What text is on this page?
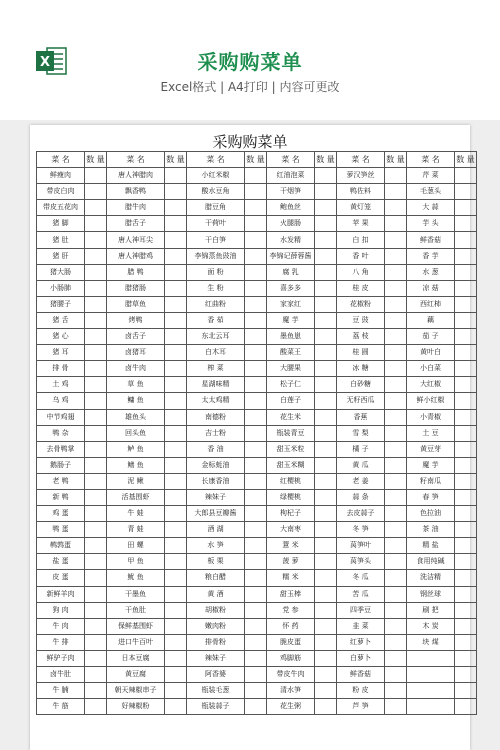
X	采购购菜单
Excel格式 | A4打印 | 内容可更改
采购购菜单
菜 名	数 量	菜 名	数 量	菜 名	数 量	菜 名	数 量	菜 名	数 量	菜 名	数 量
鲜瘦肉		唐人神腊肉		小红米椒		红油泡菜		萝汉笋丝		芹 菜	
带皮白肉		飘香鸭		酸水豆角		干烟笋		鸭佐料		毛葱头	
带皮五花肉		腊牛肉		腊豆角		鲍鱼丝		黄灯笼		大 蒜	
猪 脚		腊舌子		干荷叶		火腿肠		苹 果		芋 头	
猪 肚		唐人神耳尖		干白笋		水发精		白 扣		鲜香菇	
猪 肝		唐人神腊鸡		李锦蒸鱼豉油		李锦记薛蓉酱		香 叶		香 芋	
猪大肠		腊 鸭		面 粉		腐 乳		八 角		水 葱	
小肠肺		腊猪肠		生 粉		喜多多		桂 皮		凉 菇	
猪腰子		腊草鱼		红曲粉		家家红		花椒粉		西红柿	
猪 舌		烤鸭		香 茹		魔 芋		豆 豉		藕	
猪 心		卤舌子		东北云耳		墨鱼崽		荔 枝		茄 子	
猪 耳		卤猪耳		白木耳		酸菜王		桂 圆		黄叶白	
排 骨		卤牛肉		榨 菜		大腰果		冰 糖		小白菜	
土 鸡		草 鱼		星湖味精		松子仁		白砂糖		大红椒	
乌 鸡		鳙 鱼		太太鸡精		白莲子		无籽西瓜		鲜小红椒	
中节鸡翅		雄鱼头		南德粉		花生米		香蕉		小青椒	
鸭 杂		回头鱼		吉士粉		瓶装青豆		雪 梨		土 豆	
去骨鸭掌		鲈 鱼		香 油		甜玉米粒		橘 子		黄豆芽	
鹅肠子		鳝 鱼		金标蚝油		甜玉米糊		黄 瓜		魔 芋	
老 鸭		泥 鳅		长康香油		红樱桃		老 姜		籽南瓜	
新 鸭		活基围虾		辣妹子		绿樱桃		蒜 条		春 笋	
鸡 蛋		牛 蛙		大郎县豆瓣酱		枸杞子		去皮蒜子		色拉油	
鸭 蛋		青 蛙		酒 湖		大南枣		冬 笋		茶 油	
鹌鹑蛋		田 螺		水 笋		薏 米		莴笋叶		精 盐	
盐 蛋		甲 鱼		板 栗		菠 萝		莴笋头		食用纯碱	
皮 蛋		鱿 鱼		粮白醋		糯 米		冬 瓜		洗洁精	
新鲜羊肉		干墨鱼		黄 酒		甜玉棒		苦 瓜		钢丝球	
狗 肉		干鱼肚		胡椒粉		党 参		四季豆		刷 把	
牛 肉		保鲜基围虾		嫩肉粉		怀 药		韭 菜		木 炭	
牛 排		进口牛百叶		排骨粉		脆皮蛋		红萝卜		块 煤	
鲜驴子肉		日本豆腐		辣妹子		鸡脚筋		白萝卜			
卤牛肚		黄豆腐		阿香婆		带皮牛肉		鲜香菇			
牛 腩		朝天辣椒串子		瓶装毛葱		清水笋		粉 皮			
牛 筋		好辣椒粉		瓶装蒜子		花生粥		芦 笋			
